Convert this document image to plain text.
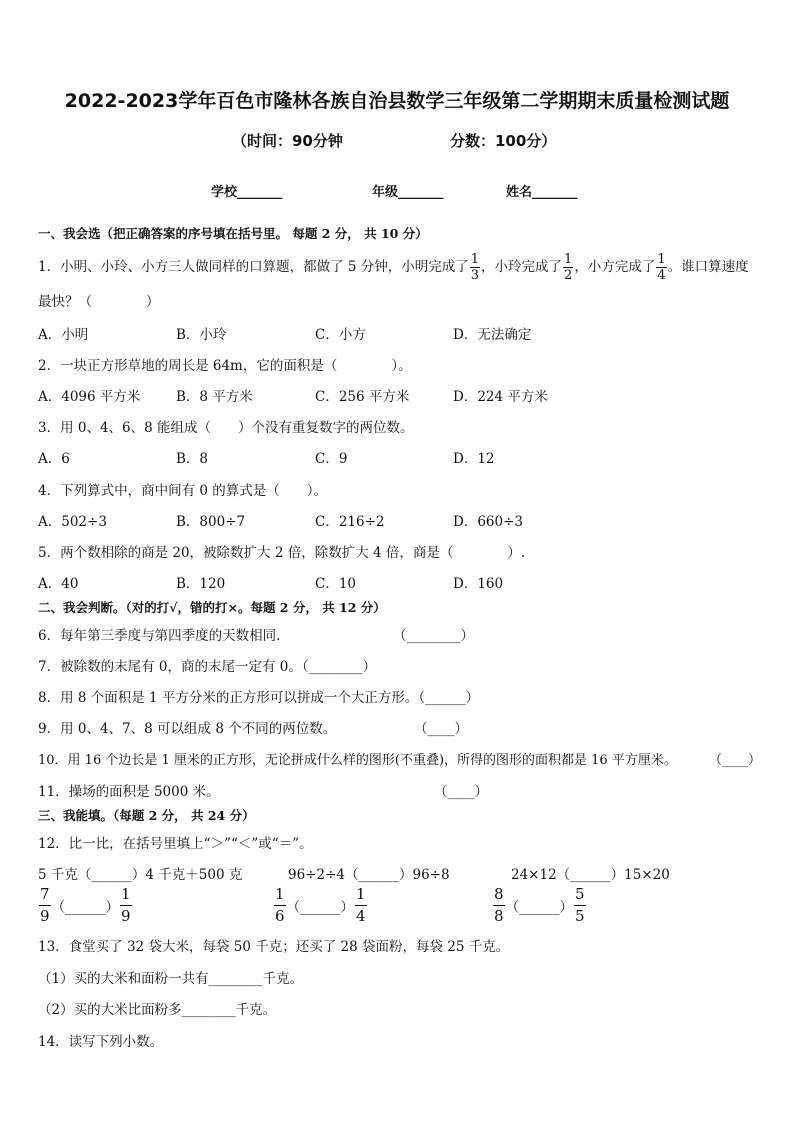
2022-2023学年百色市隆林各族自治县数学三年级第二学期期末质量检测试题
（时间：90分钟	分数：100分）
学校_______	年级_______	姓名_______
一、我会选（把正确答案的序号填在括号里。 每题 2 分， 共 10 分）
1．小明、小玲、小方三人做同样的口算题，都做了 5 分钟，小明完成了 $\frac{1}{3}$ ，小玲完成了 $\frac{1}{2}$ ，小方完成了 $\frac{1}{4}$ 。谁口算速度
最快？（　　　　）
A．小明	B．小玲	C．小方	D．无法确定
2．一块正方形草地的周长是 64m，它的面积是（　　　　）。
A．4096 平方米	B．8 平方米	C．256 平方米	D．224 平方米
3．用 0、4、6、8 能组成（　　）个没有重复数字的两位数。
A．6	B．8	C．9	D．12
4．下列算式中，商中间有 0 的算式是（　　）。
A．502÷3	B．800÷7	C．216÷2	D．660÷3
5．两个数相除的商是 20，被除数扩大 2 倍，除数扩大 4 倍，商是（　　　　）.
A．40	B．120	C．10	D．160
二、我会判断。（对的打√，错的打×。每题 2 分， 共 12 分）
6．每年第三季度与第四季度的天数相同.	（________）
7．被除数的末尾有 0，商的末尾一定有 0。（________）
8．用 8 个面积是 1 平方分米的正方形可以拼成一个大正方形。（______）
9．用 0、4、7、8 可以组成 8 个不同的两位数。	（____）
10．用 16 个边长是 1 厘米的正方形，无论拼成什么样的图形(不重叠)，所得的图形的面积都是 16 平方厘米。 （____）
11．操场的面积是 5000 米。	（____）
三、我能填。（每题 2 分， 共 24 分）
12．比一比，在括号里填上“＞”“＜”或“＝”。
5 千克（______）4 千克＋500 克	96÷2÷4（______）96÷8	24×12（______）15×20
$\frac{7}{9}$ （______） $\frac{1}{9}$	$\frac{1}{6}$ （______） $\frac{1}{4}$	$\frac{8}{8}$ （______） $\frac{5}{5}$
13．食堂买了 32 袋大米，每袋 50 千克；还买了 28 袋面粉，每袋 25 千克。
（1）买的大米和面粉一共有________千克。
（2）买的大米比面粉多________千克。
14．读写下列小数。
